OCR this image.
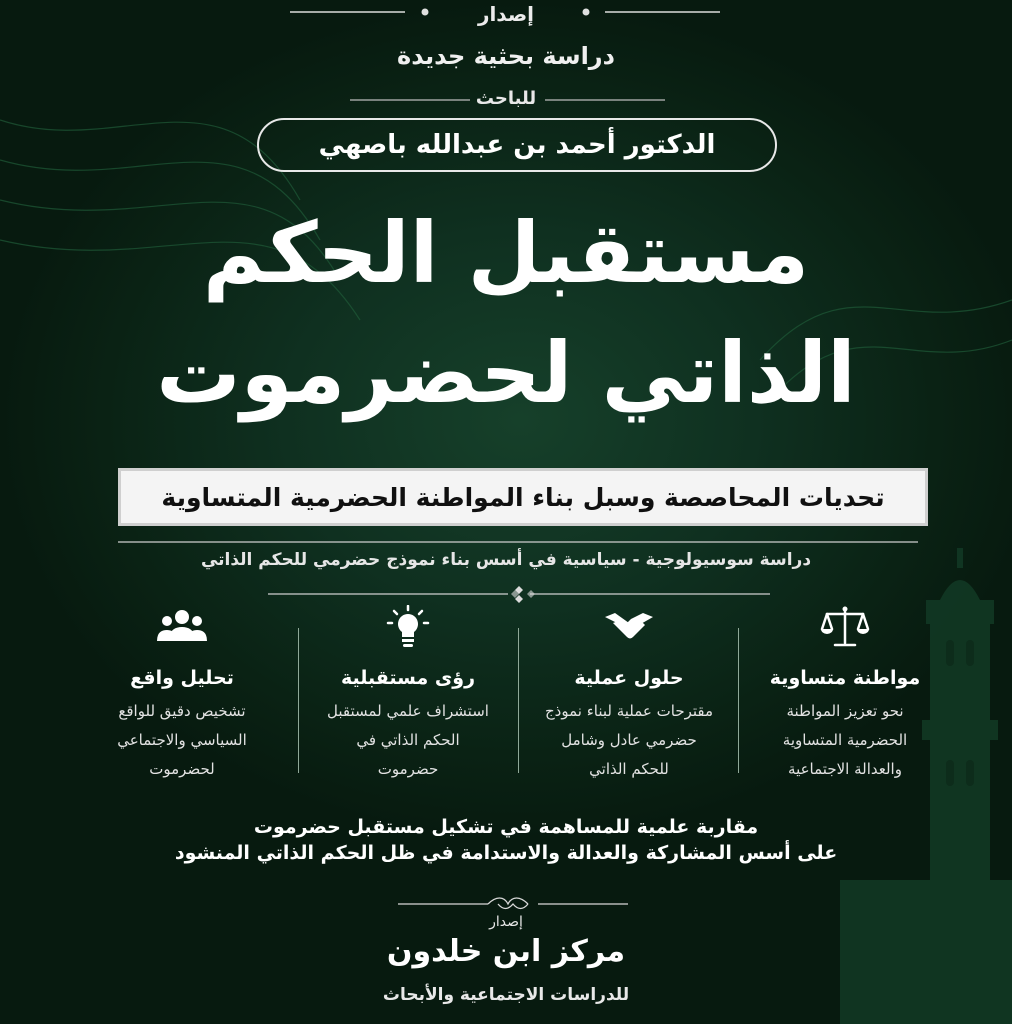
إصدار
دراسة بحثية جديدة
للباحث
الدكتور أحمد بن عبدالله باصهي
مستقبل الحكم
الذاتي لحضرموت
تحديات المحاصصة وسبل بناء المواطنة الحضرمية المتساوية
دراسة سوسيولوجية - سياسية في أسس بناء نموذج حضرمي للحكم الذاتي
تحليل واقع
تشخيص دقيق للواقع
السياسي والاجتماعي
لحضرموت
رؤى مستقبلية
استشراف علمي لمستقبل
الحكم الذاتي في
حضرموت
حلول عملية
مقترحات عملية لبناء نموذج
حضرمي عادل وشامل
للحكم الذاتي
مواطنة متساوية
نحو تعزيز المواطنة
الحضرمية المتساوية
والعدالة الاجتماعية
مقاربة علمية للمساهمة في تشكيل مستقبل حضرموت
على أسس المشاركة والعدالة والاستدامة في ظل الحكم الذاتي المنشود
إصدار
مركز ابن خلدون
للدراسات الاجتماعية والأبحاث
